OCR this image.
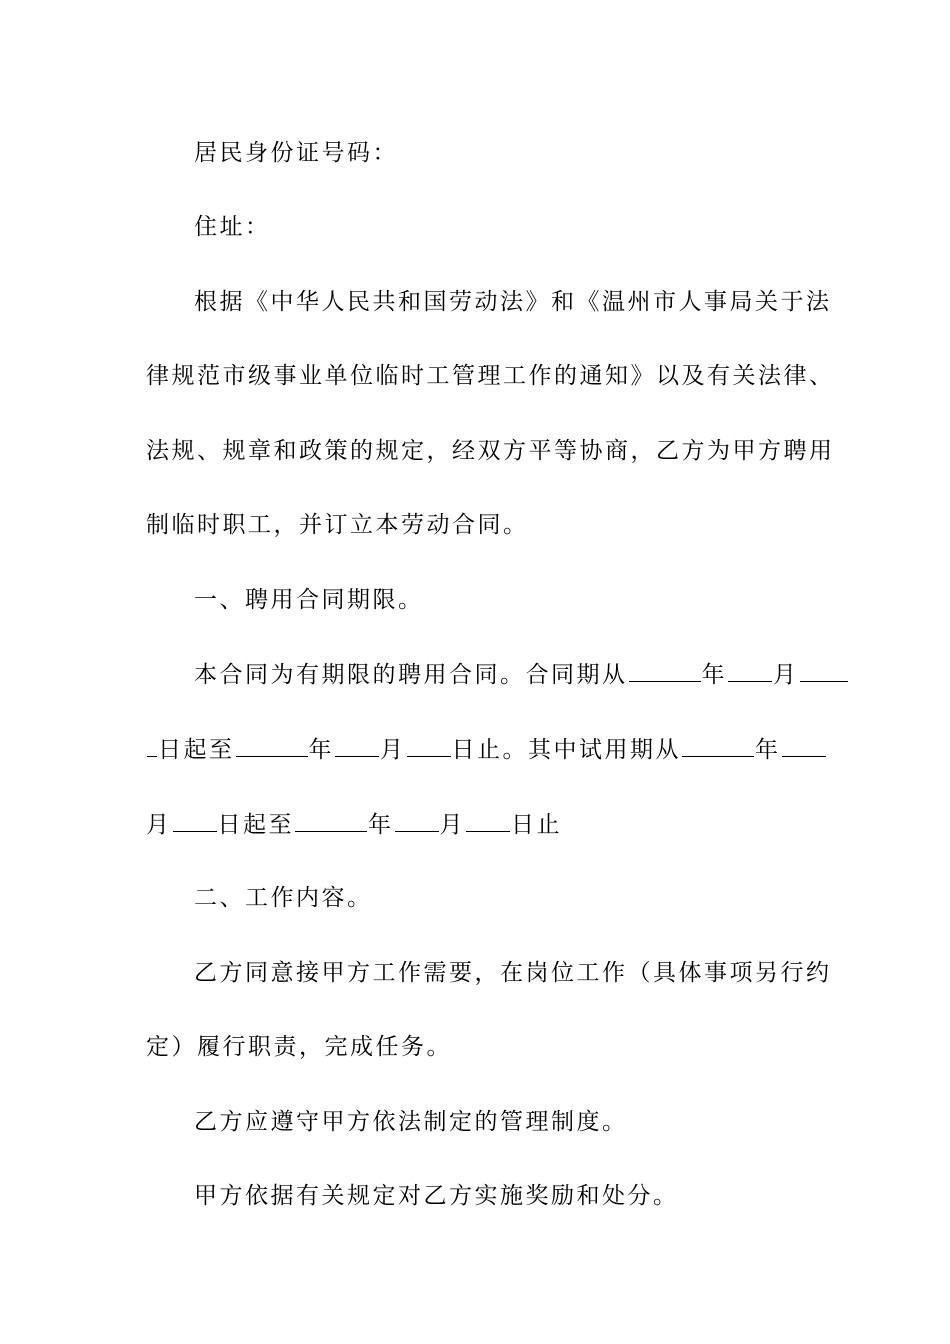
居民身份证号码：
住址：
根据《中华人民共和国劳动法》和《温州市人事局关于法
律规范市级事业单位临时工管理工作的通知》以及有关法律、
法规、规章和政策的规定，经双方平等协商，乙方为甲方聘用
制临时职工，并订立本劳动合同。
一、聘用合同期限。
本合同为有期限的聘用合同。合同期从	年 月
日起至	年 月 日止。其中试用期从	年
月 日起至	年 月 日止
二、工作内容。
乙方同意接甲方工作需要，在岗位工作（具体事项另行约
定）履行职责，完成任务。
乙方应遵守甲方依法制定的管理制度。
甲方依据有关规定对乙方实施奖励和处分。
